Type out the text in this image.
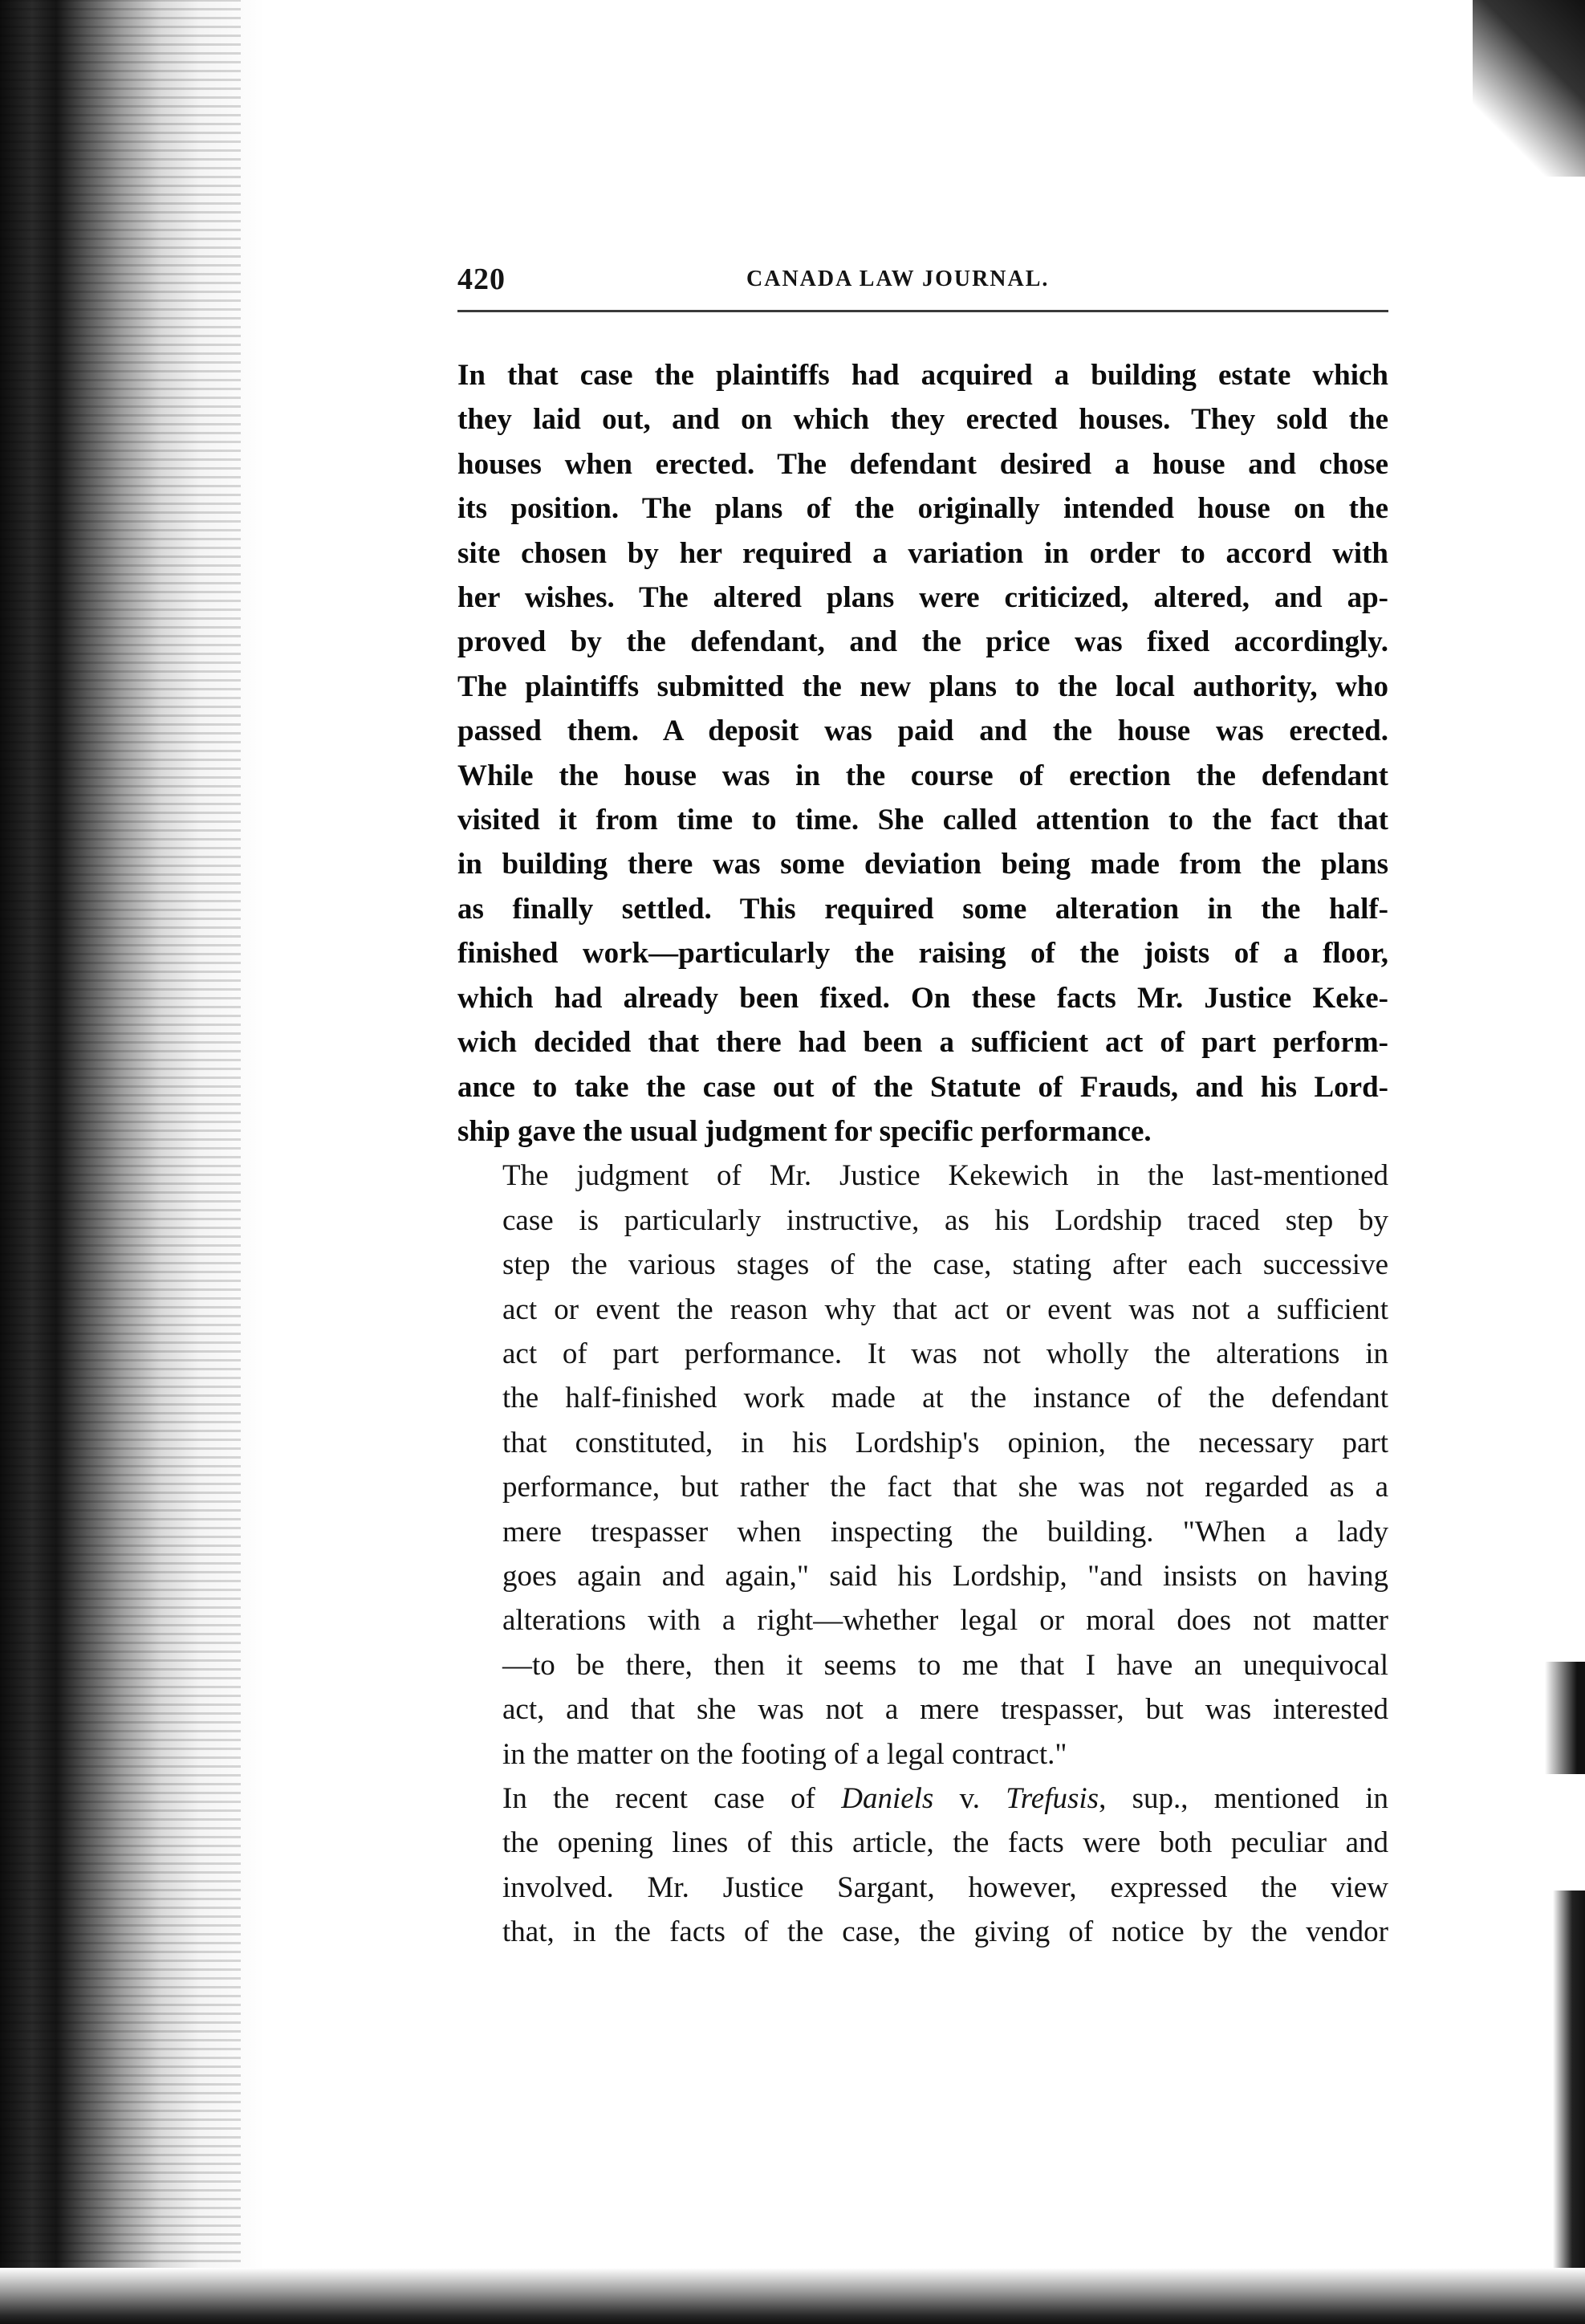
420	CANADA LAW JOURNAL.

In that case the plaintiffs had acquired a building estate which
they laid out, and on which they erected houses. They sold the
houses when erected. The defendant desired a house and chose
its position. The plans of the originally intended house on the
site chosen by her required a variation in order to accord with
her wishes. The altered plans were criticized, altered, and ap-
proved by the defendant, and the price was fixed accordingly.
The plaintiffs submitted the new plans to the local authority, who
passed them. A deposit was paid and the house was erected.
While the house was in the course of erection the defendant
visited it from time to time. She called attention to the fact that
in building there was some deviation being made from the plans
as finally settled. This required some alteration in the half-
finished work—particularly the raising of the joists of a floor,
which had already been fixed. On these facts Mr. Justice Keke-
wich decided that there had been a sufficient act of part perform-
ance to take the case out of the Statute of Frauds, and his Lord-
ship gave the usual judgment for specific performance.

The judgment of Mr. Justice Kekewich in the last-mentioned
case is particularly instructive, as his Lordship traced step by
step the various stages of the case, stating after each successive
act or event the reason why that act or event was not a sufficient
act of part performance. It was not wholly the alterations in
the half-finished work made at the instance of the defendant
that constituted, in his Lordship's opinion, the necessary part
performance, but rather the fact that she was not regarded as a
mere trespasser when inspecting the building. "When a lady
goes again and again," said his Lordship, "and insists on having
alterations with a right—whether legal or moral does not matter
—to be there, then it seems to me that I have an unequivocal
act, and that she was not a mere trespasser, but was interested
in the matter on the footing of a legal contract."

In the recent case of Daniels v. Trefusis, sup., mentioned in
the opening lines of this article, the facts were both peculiar and
involved. Mr. Justice Sargant, however, expressed the view
that, in the facts of the case, the giving of notice by the vendor
